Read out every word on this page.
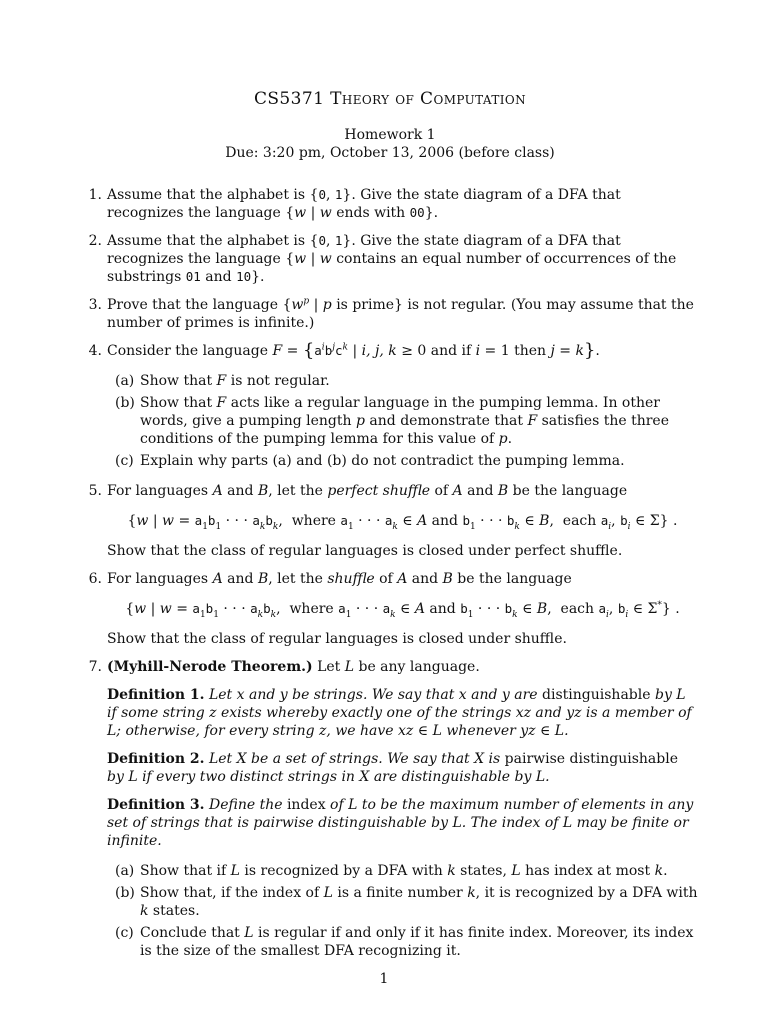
CS5371 Theory of Computation
Homework 1
Due: 3:20 pm, October 13, 2006 (before class)
1. Assume that the alphabet is {0, 1}. Give the state diagram of a DFA that recognizes the language {w | w ends with 00}.
2. Assume that the alphabet is {0, 1}. Give the state diagram of a DFA that recognizes the language {w | w contains an equal number of occurrences of the substrings 01 and 10}.
3. Prove that the language {$w^p$ | p is prime} is not regular. (You may assume that the number of primes is infinite.)
4. Consider the language $F = \{a^ib^jc^k$ | i, j, k ≥ 0 and if i = 1 then j = k}.
(a) Show that F is not regular.
(b) Show that F acts like a regular language in the pumping lemma. In other words, give a pumping length p and demonstrate that F satisfies the three conditions of the pumping lemma for this value of p.
(c) Explain why parts (a) and (b) do not contradict the pumping lemma.
5. For languages A and B, let the perfect shuffle of A and B be the language
{w | $w = a_1b_1$ · · · $a_kb_k$,  where $a_1$ · · · $a_k$ ∈ A and $b_1$ · · · $b_k$ ∈ B,  each $a_i$, $b_i$ ∈ Σ} .
Show that the class of regular languages is closed under perfect shuffle.
6. For languages A and B, let the shuffle of A and B be the language
{w | $w = a_1b_1$ · · · $a_kb_k$,  where $a_1$ · · · $a_k$ ∈ A and $b_1$ · · · $b_k$ ∈ B,  each $a_i$, $b_i$ ∈ Σ*} .
Show that the class of regular languages is closed under shuffle.
7. (Myhill-Nerode Theorem.) Let L be any language.
Definition 1. Let x and y be strings. We say that x and y are distinguishable by L if some string z exists whereby exactly one of the strings xz and yz is a member of L; otherwise, for every string z, we have xz ∈ L whenever yz ∈ L.
Definition 2. Let X be a set of strings. We say that X is pairwise distinguishable by L if every two distinct strings in X are distinguishable by L.
Definition 3. Define the index of L to be the maximum number of elements in any set of strings that is pairwise distinguishable by L. The index of L may be finite or infinite.
(a) Show that if L is recognized by a DFA with k states, L has index at most k.
(b) Show that, if the index of L is a finite number k, it is recognized by a DFA with k states.
(c) Conclude that L is regular if and only if it has finite index. Moreover, its index is the size of the smallest DFA recognizing it.
1
